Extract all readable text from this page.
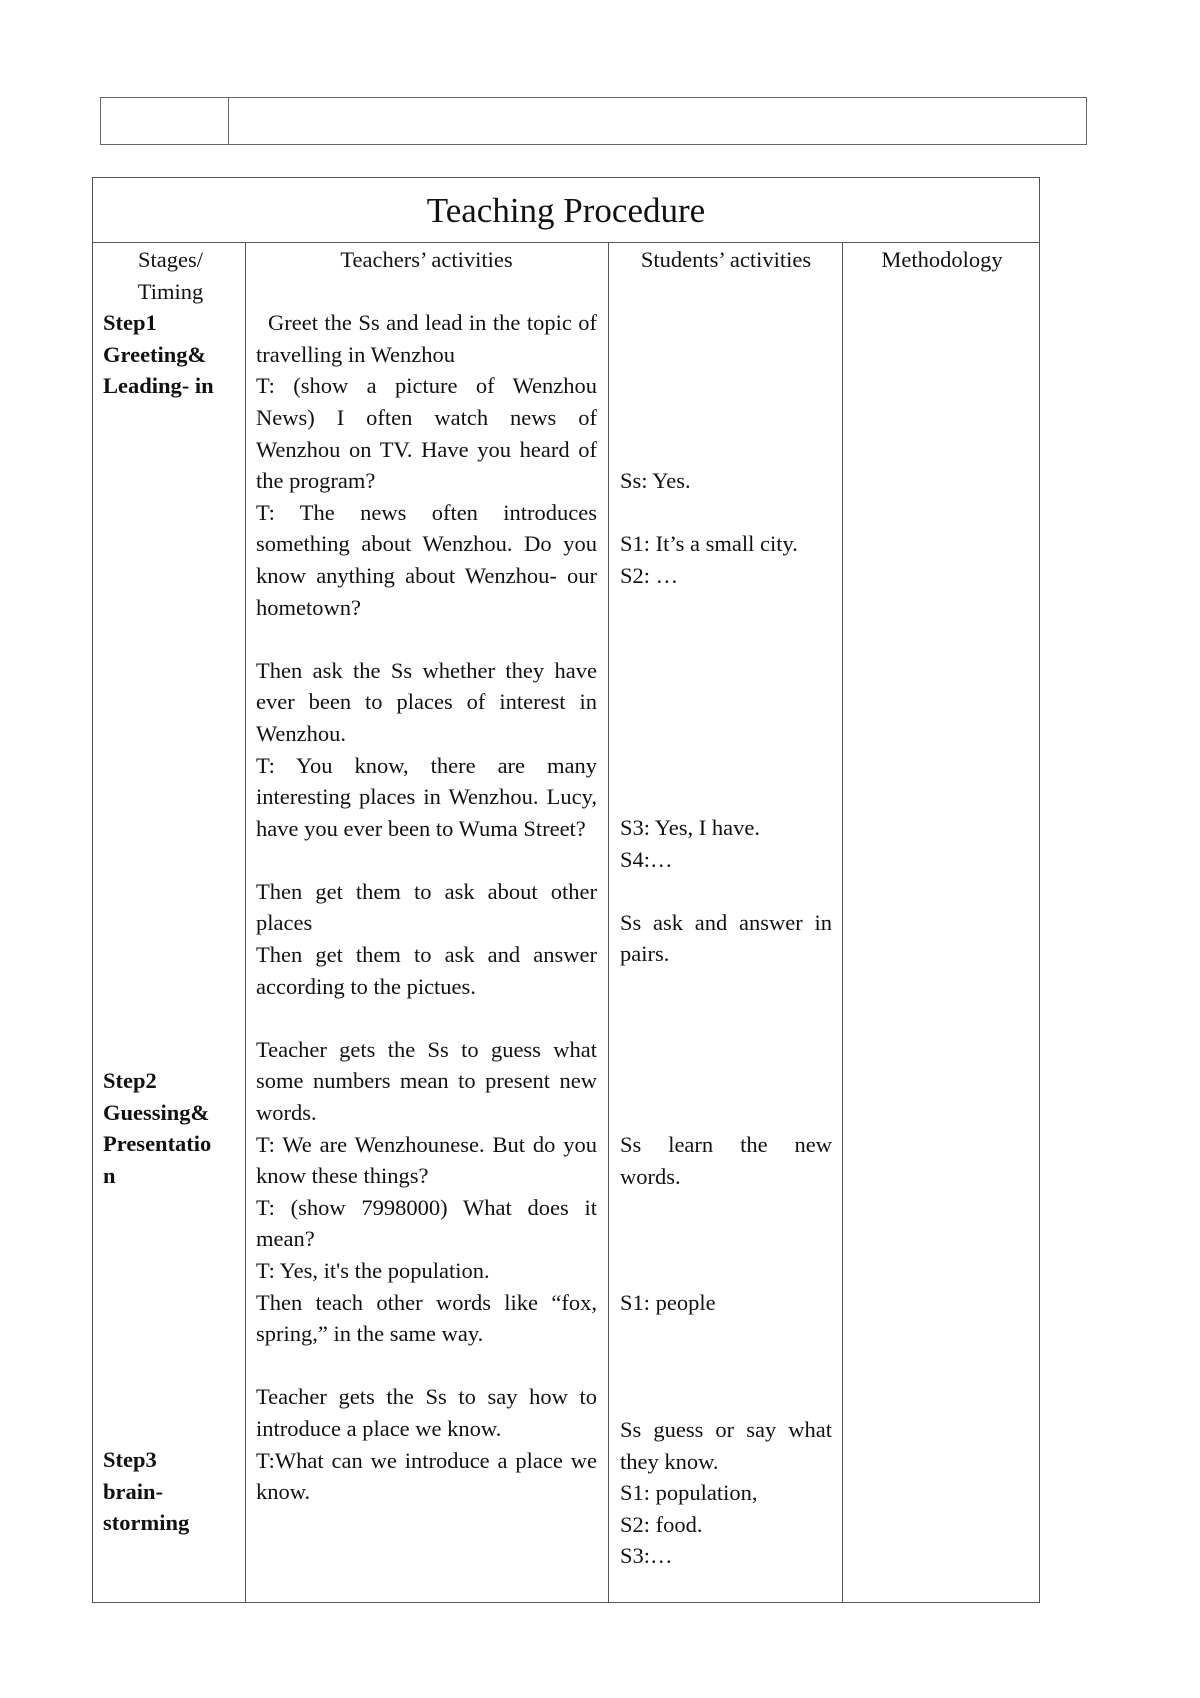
Teaching Procedure

Stages/

Timing

Step1

Greeting&

Leading- in

Step2

Guessing&

Presentatio

n

Step3

brain-

storming

Teachers’ activities

Greet the Ss and lead in the topic of travelling in Wenzhou

T: (show a picture of Wenzhou News) I often watch news of Wenzhou on TV. Have you heard of the program?

T: The news often introduces something about Wenzhou. Do you know anything about Wenzhou- our hometown?

Then ask the Ss whether they have ever been to places of interest in Wenzhou.

T: You know, there are many interesting places in Wenzhou. Lucy, have you ever been to Wuma Street?

Then get them to ask about other places

Then get them to ask and answer according to the pictues.

Teacher gets the Ss to guess what some numbers mean to present new words.

T: We are Wenzhounese. But do you know these things?

T: (show 7998000) What does it mean?

T: Yes, it's the population.

Then teach other words like “fox, spring,” in the same way.

Teacher gets the Ss to say how to introduce a place we know.

T:What can we introduce a place we know.

Students’ activities

Ss: Yes.

S1: It’s a small city.

S2: …

S3: Yes, I have.

S4:…

Ss ask and answer in pairs.

Ss learn the new words.

S1: people

Ss guess or say what they know.

S1: population,

S2: food.

S3:…

Methodology
